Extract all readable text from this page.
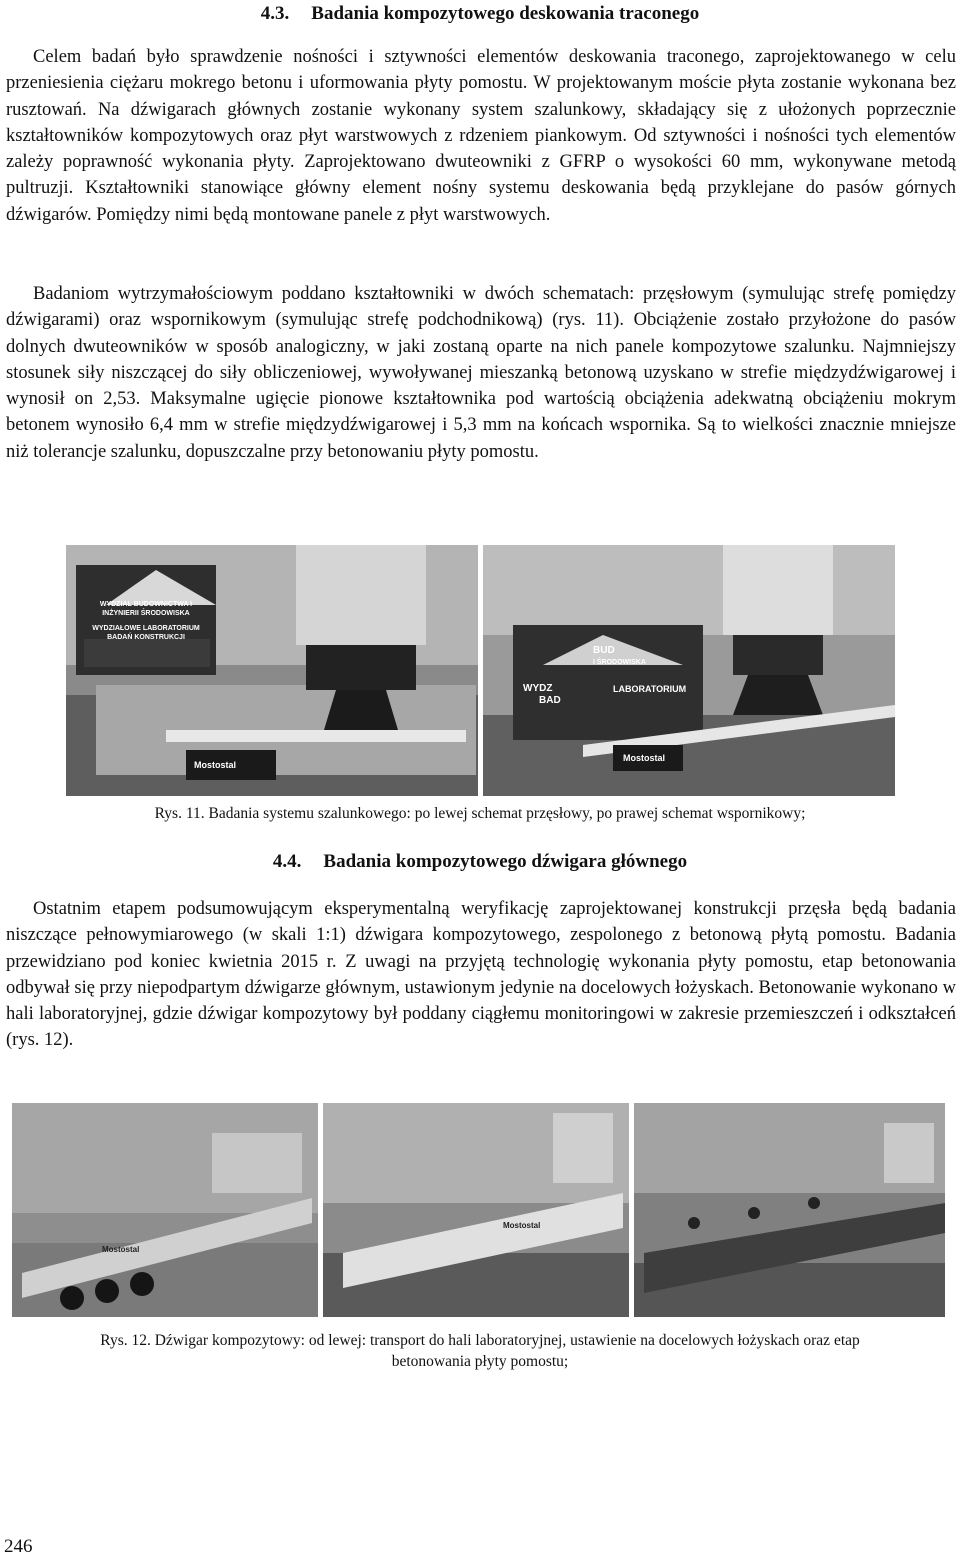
4.3. Badania kompozytowego deskowania traconego

Celem badań było sprawdzenie nośności i sztywności elementów deskowania traconego, zaprojektowanego w celu przeniesienia ciężaru mokrego betonu i uformowania płyty pomostu. W projektowanym moście płyta zostanie wykonana bez rusztowań. Na dźwigarach głównych zostanie wykonany system szalunkowy, składający się z ułożonych poprzecznie kształtowników kompozytowych oraz płyt warstwowych z rdzeniem piankowym. Od sztywności i nośności tych elementów zależy poprawność wykonania płyty. Zaprojektowano dwuteowniki z GFRP o wysokości 60 mm, wykonywane metodą pultruzji. Kształtowniki stanowiące główny element nośny systemu deskowania będą przyklejane do pasów górnych dźwigarów. Pomiędzy nimi będą montowane panele z płyt warstwowych.

Badaniom wytrzymałościowym poddano kształtowniki w dwóch schematach: przęsłowym (symulując strefę pomiędzy dźwigarami) oraz wspornikowym (symulując strefę podchodnikową) (rys. 11). Obciążenie zostało przyłożone do pasów dolnych dwuteowników w sposób analogiczny, w jaki zostaną oparte na nich panele kompozytowe szalunku. Najmniejszy stosunek siły niszczącej do siły obliczeniowej, wywoływanej mieszanką betonową uzyskano w strefie międzydźwigarowej i wynosił on 2,53. Maksymalne ugięcie pionowe kształtownika pod wartością obciążenia adekwatną obciążeniu mokrym betonem wynosiło 6,4 mm w strefie międzydźwigarowej i 5,3 mm na końcach wspornika. Są to wielkości znacznie mniejsze niż tolerancje szalunku, dopuszczalne przy betonowaniu płyty pomostu.

WYDZIAŁ BUDOWNICTWA I INŻYNIERII ŚRODOWISKA
WYDZIAŁOWE LABORATORIUM
BADAŃ KONSTRUKCJI
Mostostal
BUD
I ŚRODOWISKA
WYDZ
BAD
LABORATORIUM
Mostostal
Rys. 11. Badania systemu szalunkowego: po lewej schemat przęsłowy, po prawej schemat wspornikowy;
4.4. Badania kompozytowego dźwigara głównego

Ostatnim etapem podsumowującym eksperymentalną weryfikację zaprojektowanej konstrukcji przęsła będą badania niszczące pełnowymiarowego (w skali 1:1) dźwigara kompozytowego, zespolonego z betonową płytą pomostu. Badania przewidziano pod koniec kwietnia 2015 r. Z uwagi na przyjętą technologię wykonania płyty pomostu, etap betonowania odbywał się przy niepodpartym dźwigarze głównym, ustawionym jedynie na docelowych łożyskach. Betonowanie wykonano w hali laboratoryjnej, gdzie dźwigar kompozytowy był poddany ciągłemu monitoringowi w zakresie przemieszczeń i odkształceń (rys. 12).

Mostostal
Mostostal
Rys. 12. Dźwigar kompozytowy: od lewej: transport do hali laboratoryjnej, ustawienie na docelowych łożyskach oraz etap
betonowania płyty pomostu;
246
